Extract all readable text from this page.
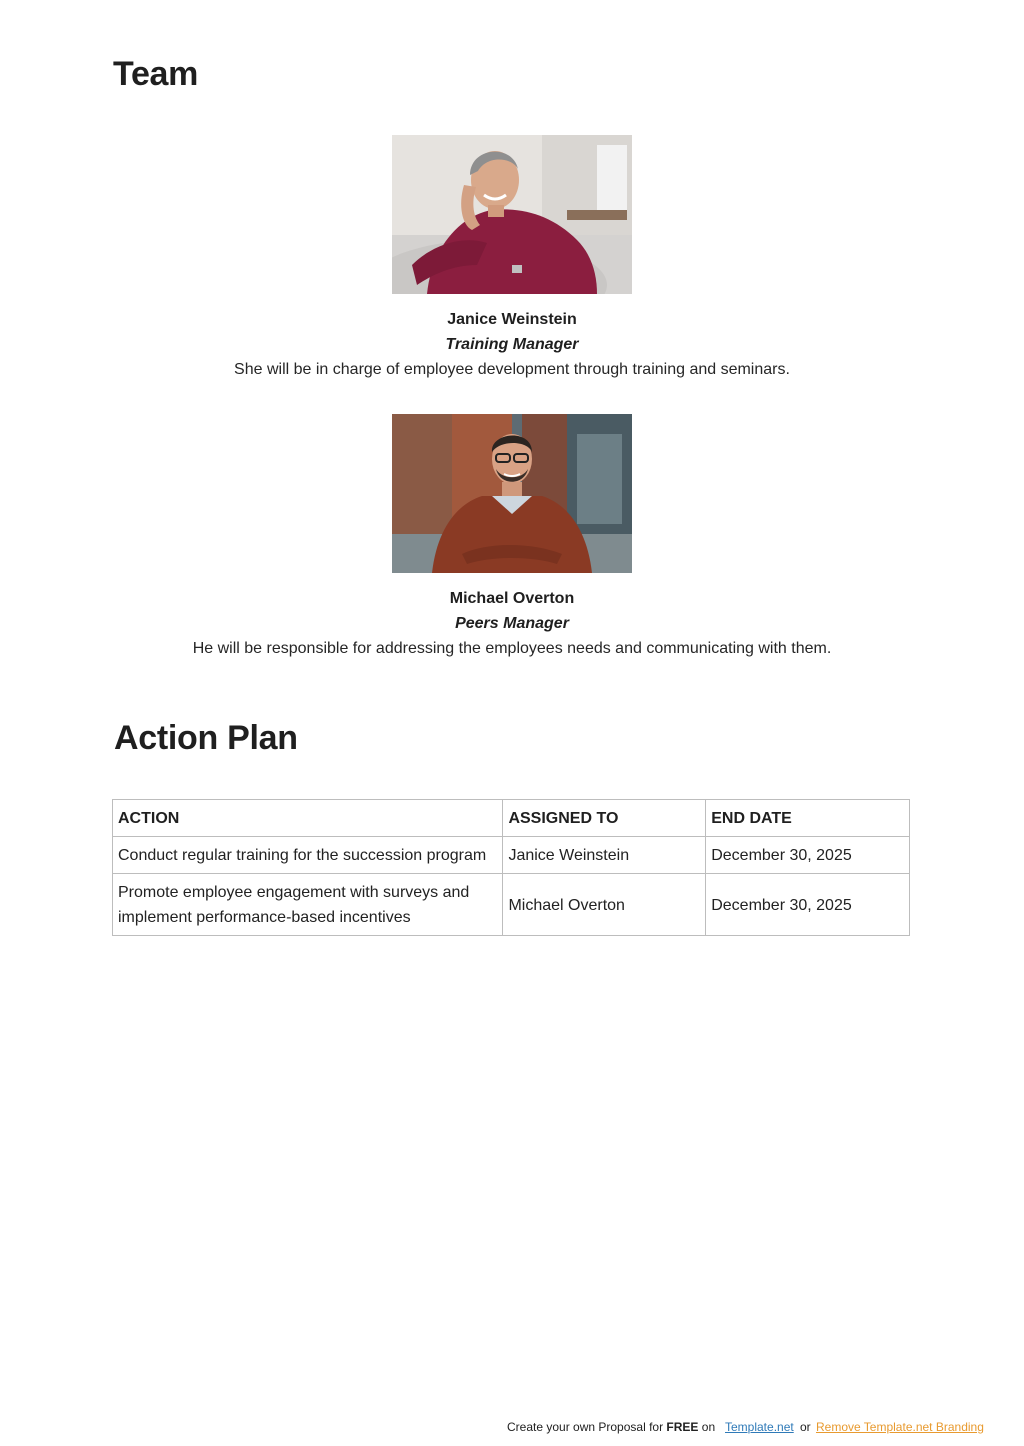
Team
Janice Weinstein
Training Manager
She will be in charge of employee development through training and seminars.
Michael Overton
Peers Manager
He will be responsible for addressing the employees needs and communicating with them.
Action Plan
ACTION	ASSIGNED TO	END DATE
Conduct regular training for the succession program	Janice Weinstein	December 30, 2025
Promote employee engagement with surveys and implement performance-based incentives	Michael Overton	December 30, 2025
Create your own Proposal for FREE on Template.net or Remove Template.net Branding
